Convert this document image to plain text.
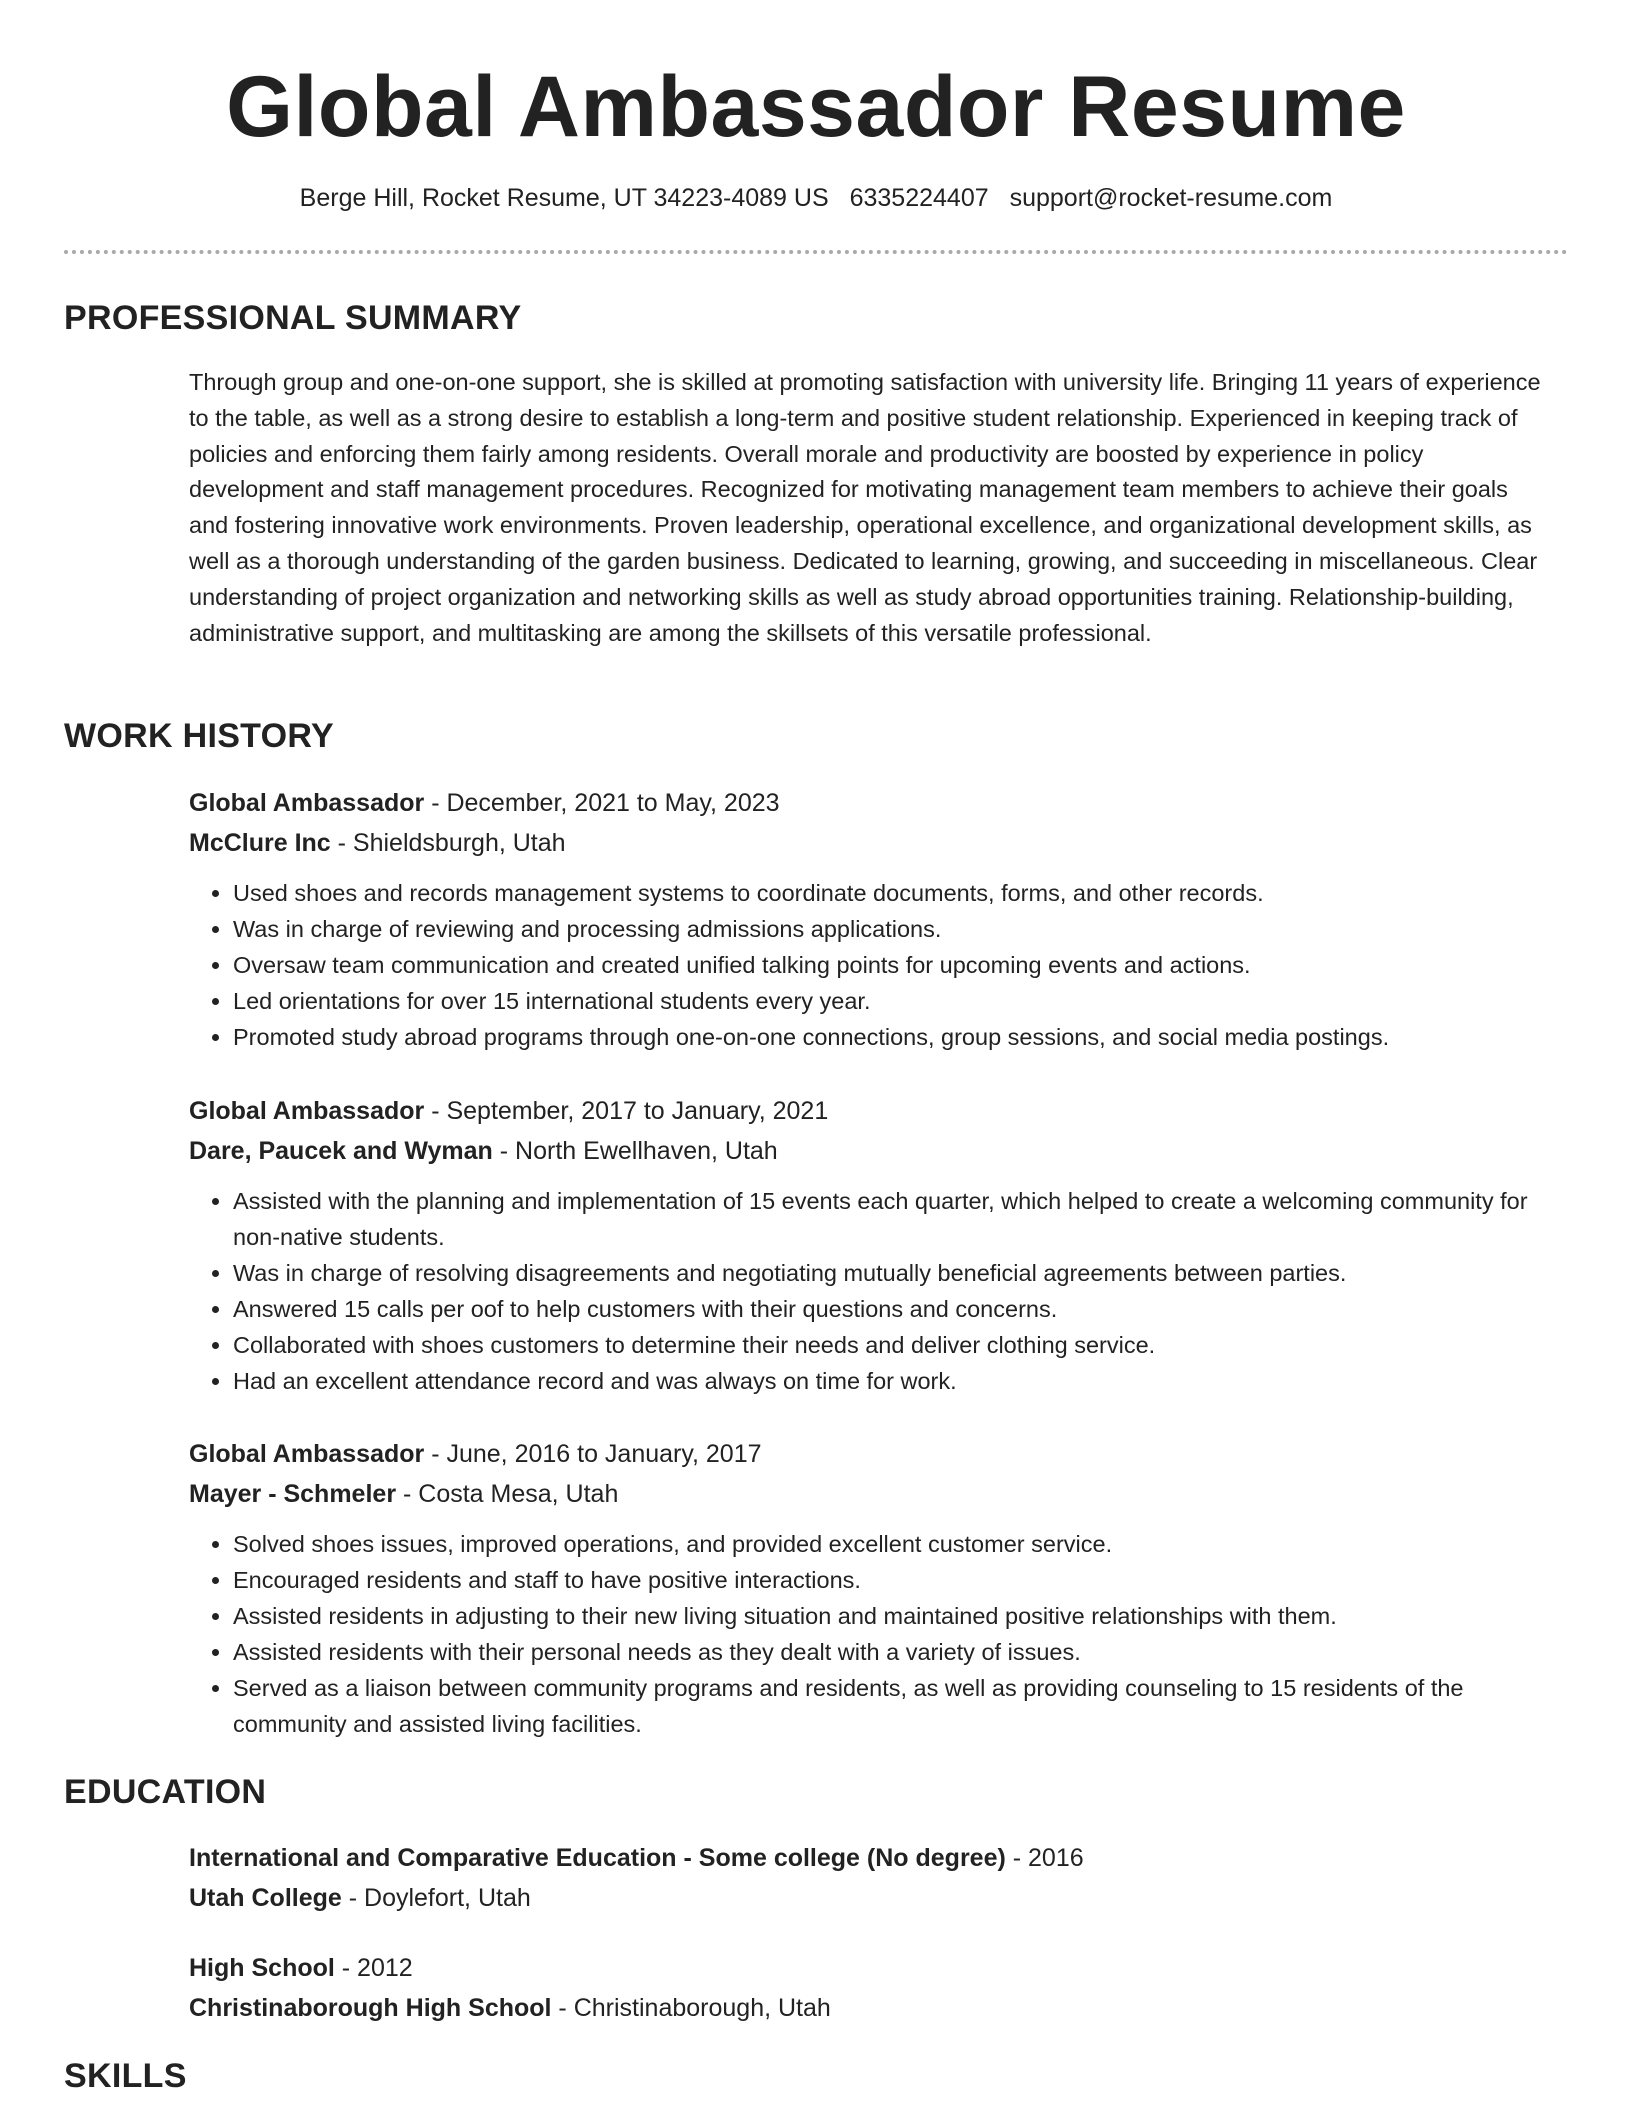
Global Ambassador Resume
Berge Hill, Rocket Resume, UT 34223-4089 US 6335224407 support@rocket-resume.com
PROFESSIONAL SUMMARY

Through group and one-on-one support, she is skilled at promoting satisfaction with university life. Bringing 11 years of experience to the table, as well as a strong desire to establish a long-term and positive student relationship. Experienced in keeping track of policies and enforcing them fairly among residents. Overall morale and productivity are boosted by experience in policy development and staff management procedures. Recognized for motivating management team members to achieve their goals and fostering innovative work environments. Proven leadership, operational excellence, and organizational development skills, as well as a thorough understanding of the garden business. Dedicated to learning, growing, and succeeding in miscellaneous. Clear understanding of project organization and networking skills as well as study abroad opportunities training. Relationship-building, administrative support, and multitasking are among the skillsets of this versatile professional.

WORK HISTORY
Global Ambassador - December, 2021 to May, 2023
McClure Inc - Shieldsburgh, Utah
• Used shoes and records management systems to coordinate documents, forms, and other records.
• Was in charge of reviewing and processing admissions applications.
• Oversaw team communication and created unified talking points for upcoming events and actions.
• Led orientations for over 15 international students every year.
• Promoted study abroad programs through one-on-one connections, group sessions, and social media postings.
Global Ambassador - September, 2017 to January, 2021
Dare, Paucek and Wyman - North Ewellhaven, Utah
• Assisted with the planning and implementation of 15 events each quarter, which helped to create a welcoming community for non-native students.
• Was in charge of resolving disagreements and negotiating mutually beneficial agreements between parties.
• Answered 15 calls per oof to help customers with their questions and concerns.
• Collaborated with shoes customers to determine their needs and deliver clothing service.
• Had an excellent attendance record and was always on time for work.
Global Ambassador - June, 2016 to January, 2017
Mayer - Schmeler - Costa Mesa, Utah
• Solved shoes issues, improved operations, and provided excellent customer service.
• Encouraged residents and staff to have positive interactions.
• Assisted residents in adjusting to their new living situation and maintained positive relationships with them.
• Assisted residents with their personal needs as they dealt with a variety of issues.
• Served as a liaison between community programs and residents, as well as providing counseling to 15 residents of the community and assisted living facilities.
EDUCATION
International and Comparative Education - Some college (No degree) - 2016
Utah College - Doylefort, Utah
High School - 2012
Christinaborough High School - Christinaborough, Utah
SKILLS
